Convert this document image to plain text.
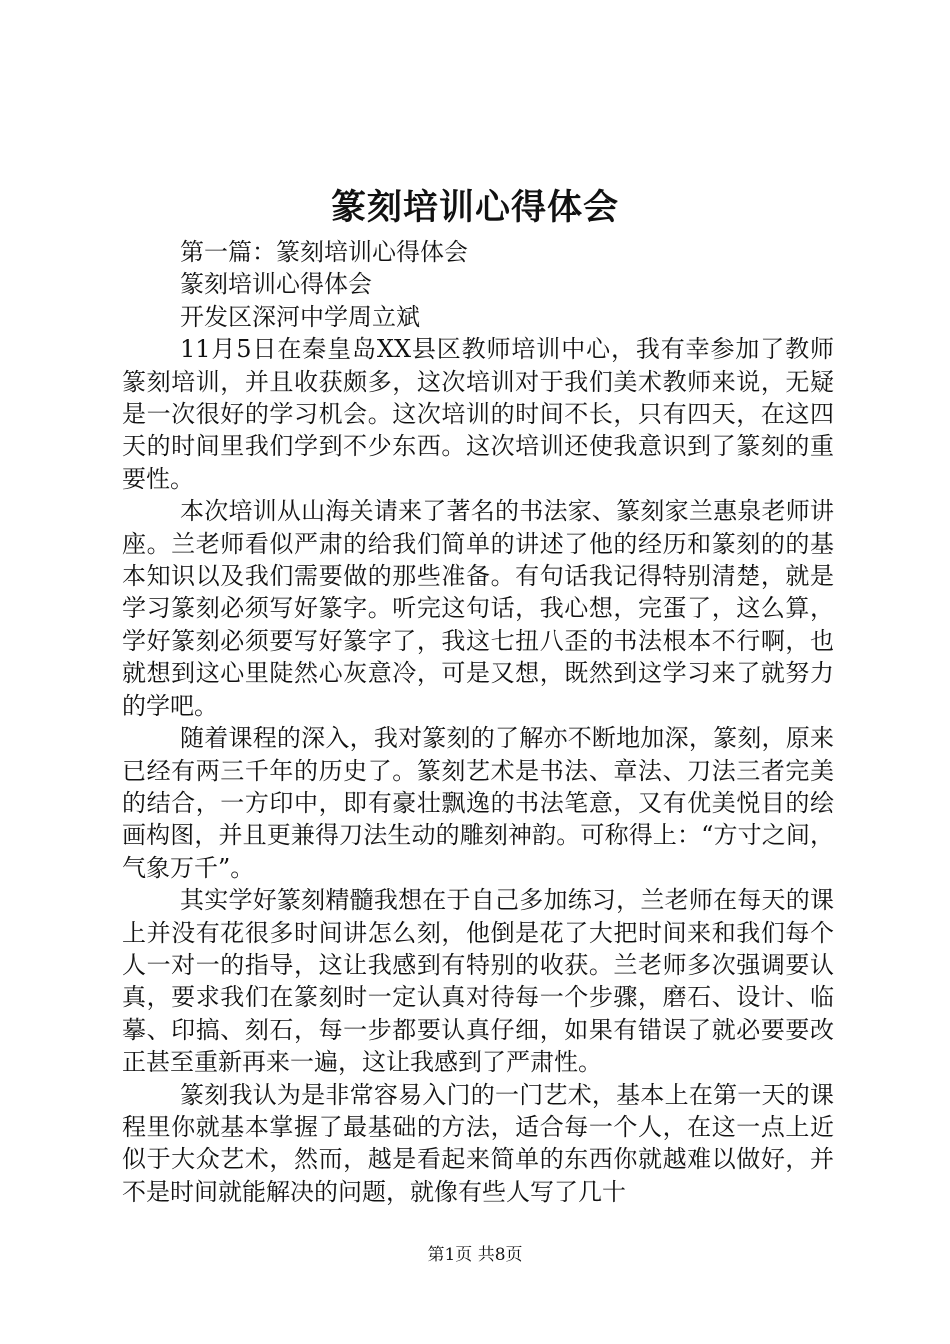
篆刻培训心得体会

第一篇：篆刻培训心得体会

篆刻培训心得体会

开发区深河中学周立斌

11月5日在秦皇岛XX县区教师培训中心，我有幸参加了教师篆刻培训，并且收获颇多，这次培训对于我们美术教师来说，无疑是一次很好的学习机会。这次培训的时间不长，只有四天，在这四天的时间里我们学到不少东西。这次培训还使我意识到了篆刻的重要性。

本次培训从山海关请来了著名的书法家、篆刻家兰惠泉老师讲座。兰老师看似严肃的给我们简单的讲述了他的经历和篆刻的的基本知识以及我们需要做的那些准备。有句话我记得特别清楚，就是学习篆刻必须写好篆字。听完这句话，我心想，完蛋了，这么算，学好篆刻必须要写好篆字了，我这七扭八歪的书法根本不行啊，也就想到这心里陡然心灰意冷，可是又想，既然到这学习来了就努力的学吧。

随着课程的深入，我对篆刻的了解亦不断地加深，篆刻，原来已经有两三千年的历史了。篆刻艺术是书法、章法、刀法三者完美的结合，一方印中，即有豪壮飘逸的书法笔意，又有优美悦目的绘画构图，并且更兼得刀法生动的雕刻神韵。可称得上：“方寸之间，气象万千”。

其实学好篆刻精髓我想在于自己多加练习，兰老师在每天的课上并没有花很多时间讲怎么刻，他倒是花了大把时间来和我们每个人一对一的指导，这让我感到有特别的收获。兰老师多次强调要认真，要求我们在篆刻时一定认真对待每一个步骤，磨石、设计、临摹、印搞、刻石，每一步都要认真仔细，如果有错误了就必要要改正甚至重新再来一遍，这让我感到了严肃性。

篆刻我认为是非常容易入门的一门艺术，基本上在第一天的课程里你就基本掌握了最基础的方法，适合每一个人，在这一点上近似于大众艺术，然而，越是看起来简单的东西你就越难以做好，并不是时间就能解决的问题，就像有些人写了几十

第1页 共8页
